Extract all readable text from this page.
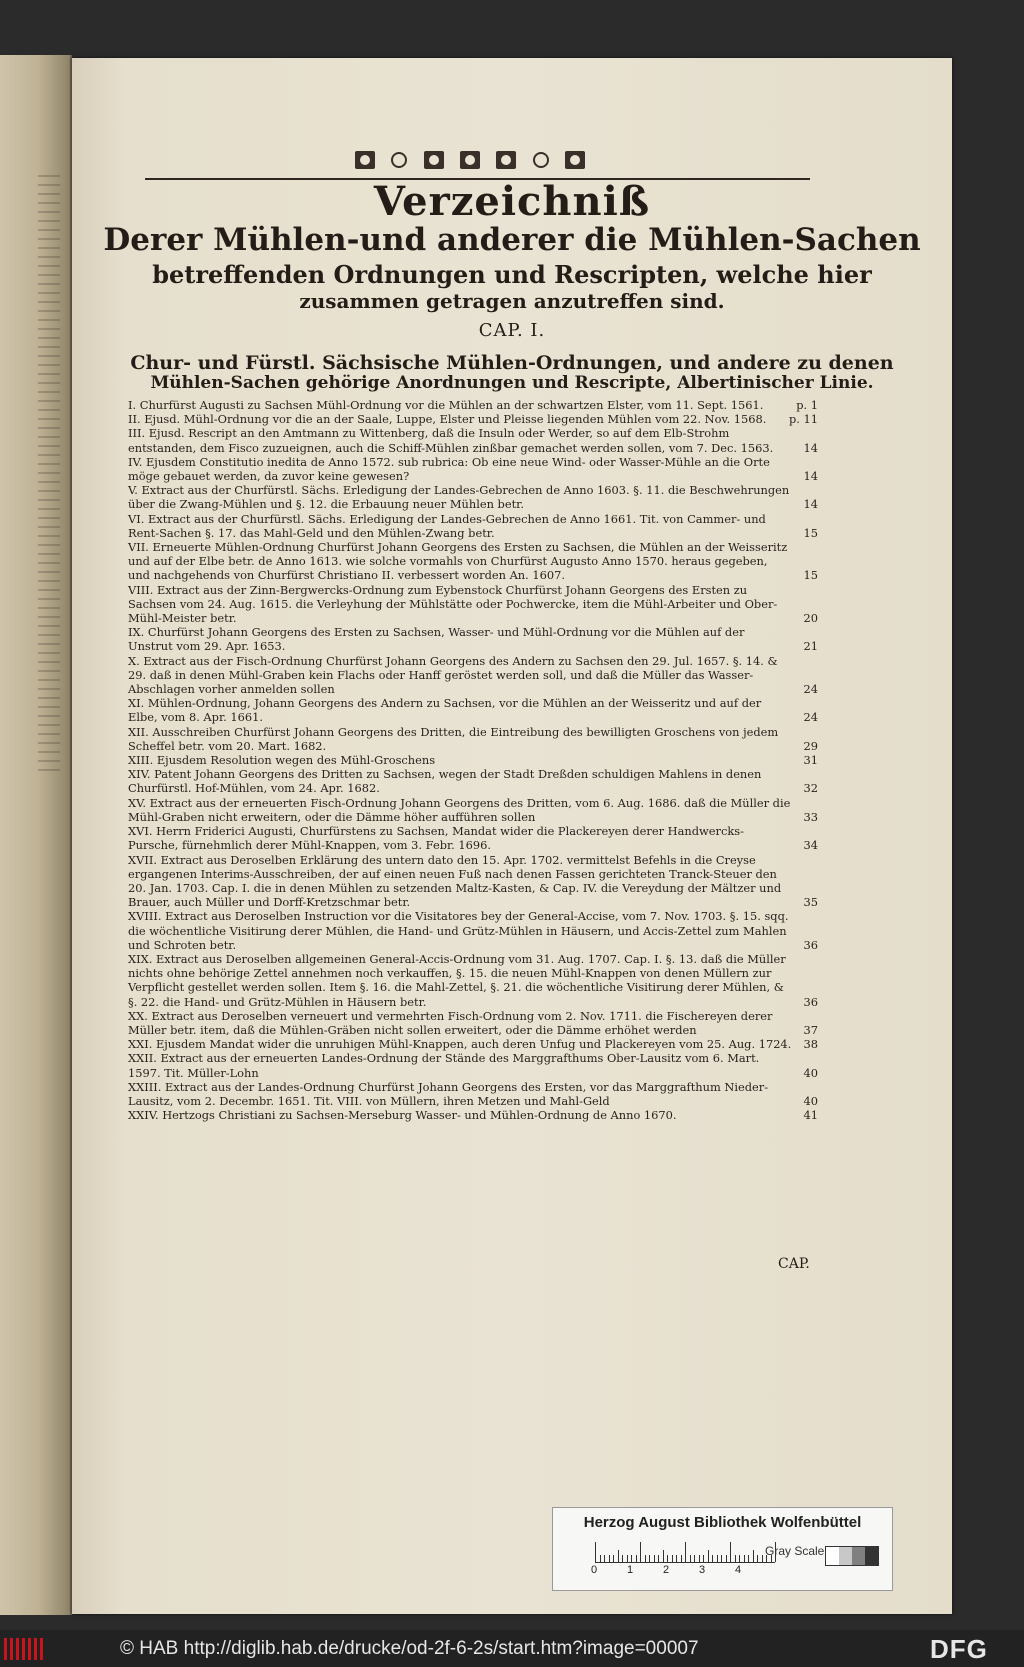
Verzeichniß
Derer Mühlen-und anderer die Mühlen-Sachen
betreffenden Ordnungen und Rescripten, welche hier
zusammen getragen anzutreffen sind.
CAP. I.
Chur- und Fürstl. Sächsische Mühlen-Ordnungen, und andere zu denen
Mühlen-Sachen gehörige Anordnungen und Rescripte, Albertinischer Linie.
I. Churfürst Augusti zu Sachsen Mühl-Ordnung vor die Mühlen an der schwartzen Elster, vom 11. Sept. 1561.	p. 1
II. Ejusd. Mühl-Ordnung vor die an der Saale, Luppe, Elster und Pleisse liegenden Mühlen vom 22. Nov. 1568.	p. 11
III. Ejusd. Rescript an den Amtmann zu Wittenberg, daß die Insuln oder Werder, so auf dem Elb-Strohm entstanden, dem Fisco zuzueignen, auch die Schiff-Mühlen zinßbar gemachet werden sollen, vom 7. Dec. 1563.	14
IV. Ejusdem Constitutio inedita de Anno 1572. sub rubrica: Ob eine neue Wind- oder Wasser-Mühle an die Orte möge gebauet werden, da zuvor keine gewesen?	14
V. Extract aus der Churfürstl. Sächs. Erledigung der Landes-Gebrechen de Anno 1603. §. 11. die Beschwehrungen über die Zwang-Mühlen und §. 12. die Erbauung neuer Mühlen betr.	14
VI. Extract aus der Churfürstl. Sächs. Erledigung der Landes-Gebrechen de Anno 1661. Tit. von Cammer- und Rent-Sachen §. 17. das Mahl-Geld und den Mühlen-Zwang betr.	15
VII. Erneuerte Mühlen-Ordnung Churfürst Johann Georgens des Ersten zu Sachsen, die Mühlen an der Weisseritz und auf der Elbe betr. de Anno 1613. wie solche vormahls von Churfürst Augusto Anno 1570. heraus gegeben, und nachgehends von Churfürst Christiano II. verbessert worden An. 1607.	15
VIII. Extract aus der Zinn-Bergwercks-Ordnung zum Eybenstock Churfürst Johann Georgens des Ersten zu Sachsen vom 24. Aug. 1615. die Verleyhung der Mühlstätte oder Pochwercke, item die Mühl-Arbeiter und Ober-Mühl-Meister betr.	20
IX. Churfürst Johann Georgens des Ersten zu Sachsen, Wasser- und Mühl-Ordnung vor die Mühlen auf der Unstrut vom 29. Apr. 1653.	21
X. Extract aus der Fisch-Ordnung Churfürst Johann Georgens des Andern zu Sachsen den 29. Jul. 1657. §. 14. & 29. daß in denen Mühl-Graben kein Flachs oder Hanff geröstet werden soll, und daß die Müller das Wasser-Abschlagen vorher anmelden sollen	24
XI. Mühlen-Ordnung, Johann Georgens des Andern zu Sachsen, vor die Mühlen an der Weisseritz und auf der Elbe, vom 8. Apr. 1661.	24
XII. Ausschreiben Churfürst Johann Georgens des Dritten, die Eintreibung des bewilligten Groschens von jedem Scheffel betr. vom 20. Mart. 1682.	29
XIII. Ejusdem Resolution wegen des Mühl-Groschens	31
XIV. Patent Johann Georgens des Dritten zu Sachsen, wegen der Stadt Dreßden schuldigen Mahlens in denen Churfürstl. Hof-Mühlen, vom 24. Apr. 1682.	32
XV. Extract aus der erneuerten Fisch-Ordnung Johann Georgens des Dritten, vom 6. Aug. 1686. daß die Müller die Mühl-Graben nicht erweitern, oder die Dämme höher aufführen sollen	33
XVI. Herrn Friderici Augusti, Churfürstens zu Sachsen, Mandat wider die Plackereyen derer Handwercks-Pursche, fürnehmlich derer Mühl-Knappen, vom 3. Febr. 1696.	34
XVII. Extract aus Deroselben Erklärung des untern dato den 15. Apr. 1702. vermittelst Befehls in die Creyse ergangenen Interims-Ausschreiben, der auf einen neuen Fuß nach denen Fassen gerichteten Tranck-Steuer den 20. Jan. 1703. Cap. I. die in denen Mühlen zu setzenden Maltz-Kasten, & Cap. IV. die Vereydung der Mältzer und Brauer, auch Müller und Dorff-Kretzschmar betr.	35
XVIII. Extract aus Deroselben Instruction vor die Visitatores bey der General-Accise, vom 7. Nov. 1703. §. 15. sqq. die wöchentliche Visitirung derer Mühlen, die Hand- und Grütz-Mühlen in Häusern, und Accis-Zettel zum Mahlen und Schroten betr.	36
XIX. Extract aus Deroselben allgemeinen General-Accis-Ordnung vom 31. Aug. 1707. Cap. I. §. 13. daß die Müller nichts ohne behörige Zettel annehmen noch verkauffen, §. 15. die neuen Mühl-Knappen von denen Müllern zur Verpflicht gestellet werden sollen. Item §. 16. die Mahl-Zettel, §. 21. die wöchentliche Visitirung derer Mühlen, & §. 22. die Hand- und Grütz-Mühlen in Häusern betr.	36
XX. Extract aus Deroselben verneuert und vermehrten Fisch-Ordnung vom 2. Nov. 1711. die Fischereyen derer Müller betr. item, daß die Mühlen-Gräben nicht sollen erweitert, oder die Dämme erhöhet werden	37
XXI. Ejusdem Mandat wider die unruhigen Mühl-Knappen, auch deren Unfug und Plackereyen vom 25. Aug. 1724.	38
XXII. Extract aus der erneuerten Landes-Ordnung der Stände des Marggrafthums Ober-Lausitz vom 6. Mart. 1597. Tit. Müller-Lohn	40
XXIII. Extract aus der Landes-Ordnung Churfürst Johann Georgens des Ersten, vor das Marggrafthum Nieder-Lausitz, vom 2. Decembr. 1651. Tit. VIII. von Müllern, ihren Metzen und Mahl-Geld	40
XXIV. Hertzogs Christiani zu Sachsen-Merseburg Wasser- und Mühlen-Ordnung de Anno 1670.	41
CAP.
Herzog August Bibliothek Wolfenbüttel
0	1	2	3	4
Gray Scale
© HAB http://diglib.hab.de/drucke/od-2f-6-2s/start.htm?image=00007	DFG
